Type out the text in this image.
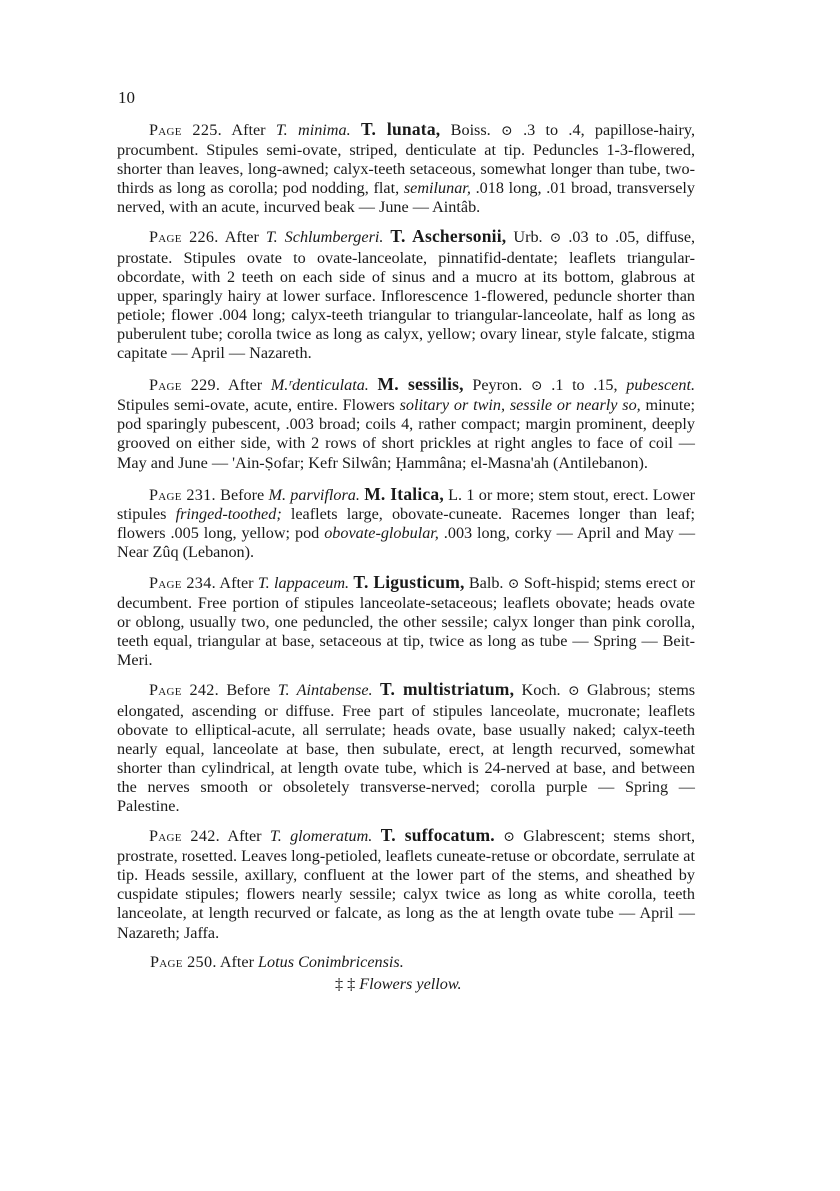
10

Page 225. After T. minima. T. lunata, Boiss. ⊙ .3 to .4, papillose-hairy, procumbent. Stipules semi-ovate, striped, denticulate at tip. Peduncles 1-3-flowered, shorter than leaves, long-awned; calyx-teeth setaceous, somewhat longer than tube, two-thirds as long as corolla; pod nodding, flat, semilunar, .018 long, .01 broad, transversely nerved, with an acute, incurved beak — June — Aintâb.

Page 226. After T. Schlumbergeri. T. Aschersonii, Urb. ⊙ .03 to .05, diffuse, prostate. Stipules ovate to ovate-lanceolate, pinnatifid-dentate; leaflets triangular-obcordate, with 2 teeth on each side of sinus and a mucro at its bottom, glabrous at upper, sparingly hairy at lower surface. Inflorescence 1-flowered, peduncle shorter than petiole; flower .004 long; calyx-teeth triangular to triangular-lanceolate, half as long as puberulent tube; corolla twice as long as calyx, yellow; ovary linear, style falcate, stigma capitate — April — Nazareth.

Page 229. After M.ʳdenticulata. M. sessilis, Peyron. ⊙ .1 to .15, pubescent. Stipules semi-ovate, acute, entire. Flowers solitary or twin, sessile or nearly so, minute; pod sparingly pubescent, .003 broad; coils 4, rather compact; margin prominent, deeply grooved on either side, with 2 rows of short prickles at right angles to face of coil — May and June — 'Ain-Ṣofar; Kefr Silwân; Ḥammâna; el-Masna'ah (Antilebanon).

Page 231. Before M. parviflora. M. Italica, L. 1 or more; stem stout, erect. Lower stipules fringed-toothed; leaflets large, obovate-cuneate. Racemes longer than leaf; flowers .005 long, yellow; pod obovate-globular, .003 long, corky — April and May — Near Zûq (Lebanon).

Page 234. After T. lappaceum. T. Ligusticum, Balb. ⊙ Soft-hispid; stems erect or decumbent. Free portion of stipules lanceolate-setaceous; leaflets obovate; heads ovate or oblong, usually two, one peduncled, the other sessile; calyx longer than pink corolla, teeth equal, triangular at base, setaceous at tip, twice as long as tube — Spring — Beit-Meri.

Page 242. Before T. Aintabense. T. multistriatum, Koch. ⊙ Glabrous; stems elongated, ascending or diffuse. Free part of stipules lanceolate, mucronate; leaflets obovate to elliptical-acute, all serrulate; heads ovate, base usually naked; calyx-teeth nearly equal, lanceolate at base, then subulate, erect, at length recurved, somewhat shorter than cylindrical, at length ovate tube, which is 24-nerved at base, and between the nerves smooth or obsoletely transverse-nerved; corolla purple — Spring — Palestine.

Page 242. After T. glomeratum. T. suffocatum. ⊙ Glabrescent; stems short, prostrate, rosetted. Leaves long-petioled, leaflets cuneate-retuse or obcordate, serrulate at tip. Heads sessile, axillary, confluent at the lower part of the stems, and sheathed by cuspidate stipules; flowers nearly sessile; calyx twice as long as white corolla, teeth lanceolate, at length recurved or falcate, as long as the at length ovate tube — April — Nazareth; Jaffa.

Page 250. After Lotus Conimbricensis.
‡ ‡ Flowers yellow.
